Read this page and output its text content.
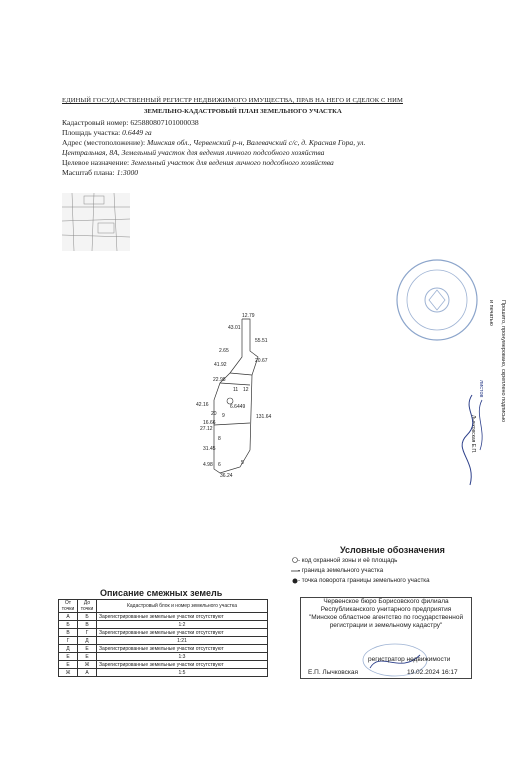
ЕДИНЫЙ ГОСУДАРСТВЕННЫЙ РЕГИСТР НЕДВИЖИМОГО ИМУЩЕСТВА, ПРАВ НА НЕГО И СДЕЛОК С НИМ
ЗЕМЕЛЬНО-КАДАСТРОВЫЙ ПЛАН ЗЕМЕЛЬНОГО УЧАСТКА
Кадастровый номер: 625880807101000038
Площадь участка: 0.6449 га
Адрес (местоположение): Минская обл., Червенский р-н, Валевачский с/с, д. Красная Гора, ул.
Центральная, 8А, Земельный участок для ведения личного подсобного хозяйства
Целевое назначение: Земельный участок для ведения личного подсобного хозяйства
Масштаб плана: 1:3000
12.79
43.01
55.51
2.65
41.92
20.67
22.98
11 12
42.16
131.64
6.6449
20 9
27.12
16.66
8
31.45
6
4.98	5
36.24
Прошито, пронумеровано, скреплено подписью
и печатью
листов
Лычковская Е.П.
Условные обозначения
- код охранной зоны и её площадь
- граница земельного участка
- точка поворота границы земельного участка
Описание смежных земель
От точки	До точки	Кадастровый блок и номер земельного участка
А	Б	Зарегистрированные земельные участки отсутствуют
Б	В	1:2
В	Г	Зарегистрированные земельные участки отсутствуют
Г	Д	1:21
Д	Е	Зарегистрированные земельные участки отсутствуют
Е	Е	1:3
Е	Ж	Зарегистрированные земельные участки отсутствуют
Ж	А	1:5
Червенское бюро Борисовского филиала
Республиканского унитарного предприятия
"Минское областное агентство по государственной
регистрации и земельному кадастру"
регистратор недвижимости
Е.П. Лычковская	19.02.2024 16:17
